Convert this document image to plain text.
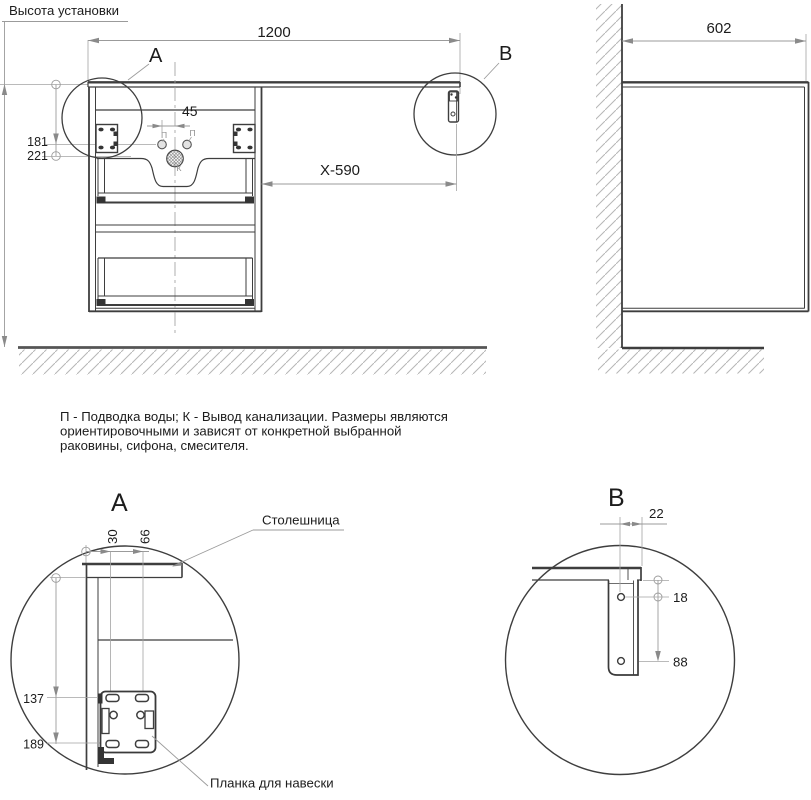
Высота установки
181
221
1200
П	П
К
45
А	В
X-590
602
П - Подводка воды; К - Вывод канализации. Размеры являются
ориентировочными и зависят от конкретной выбранной
раковины, сифона, смесителя.
А
30 66
137
189
Столешница
Планка для навески
В
22
18
88
